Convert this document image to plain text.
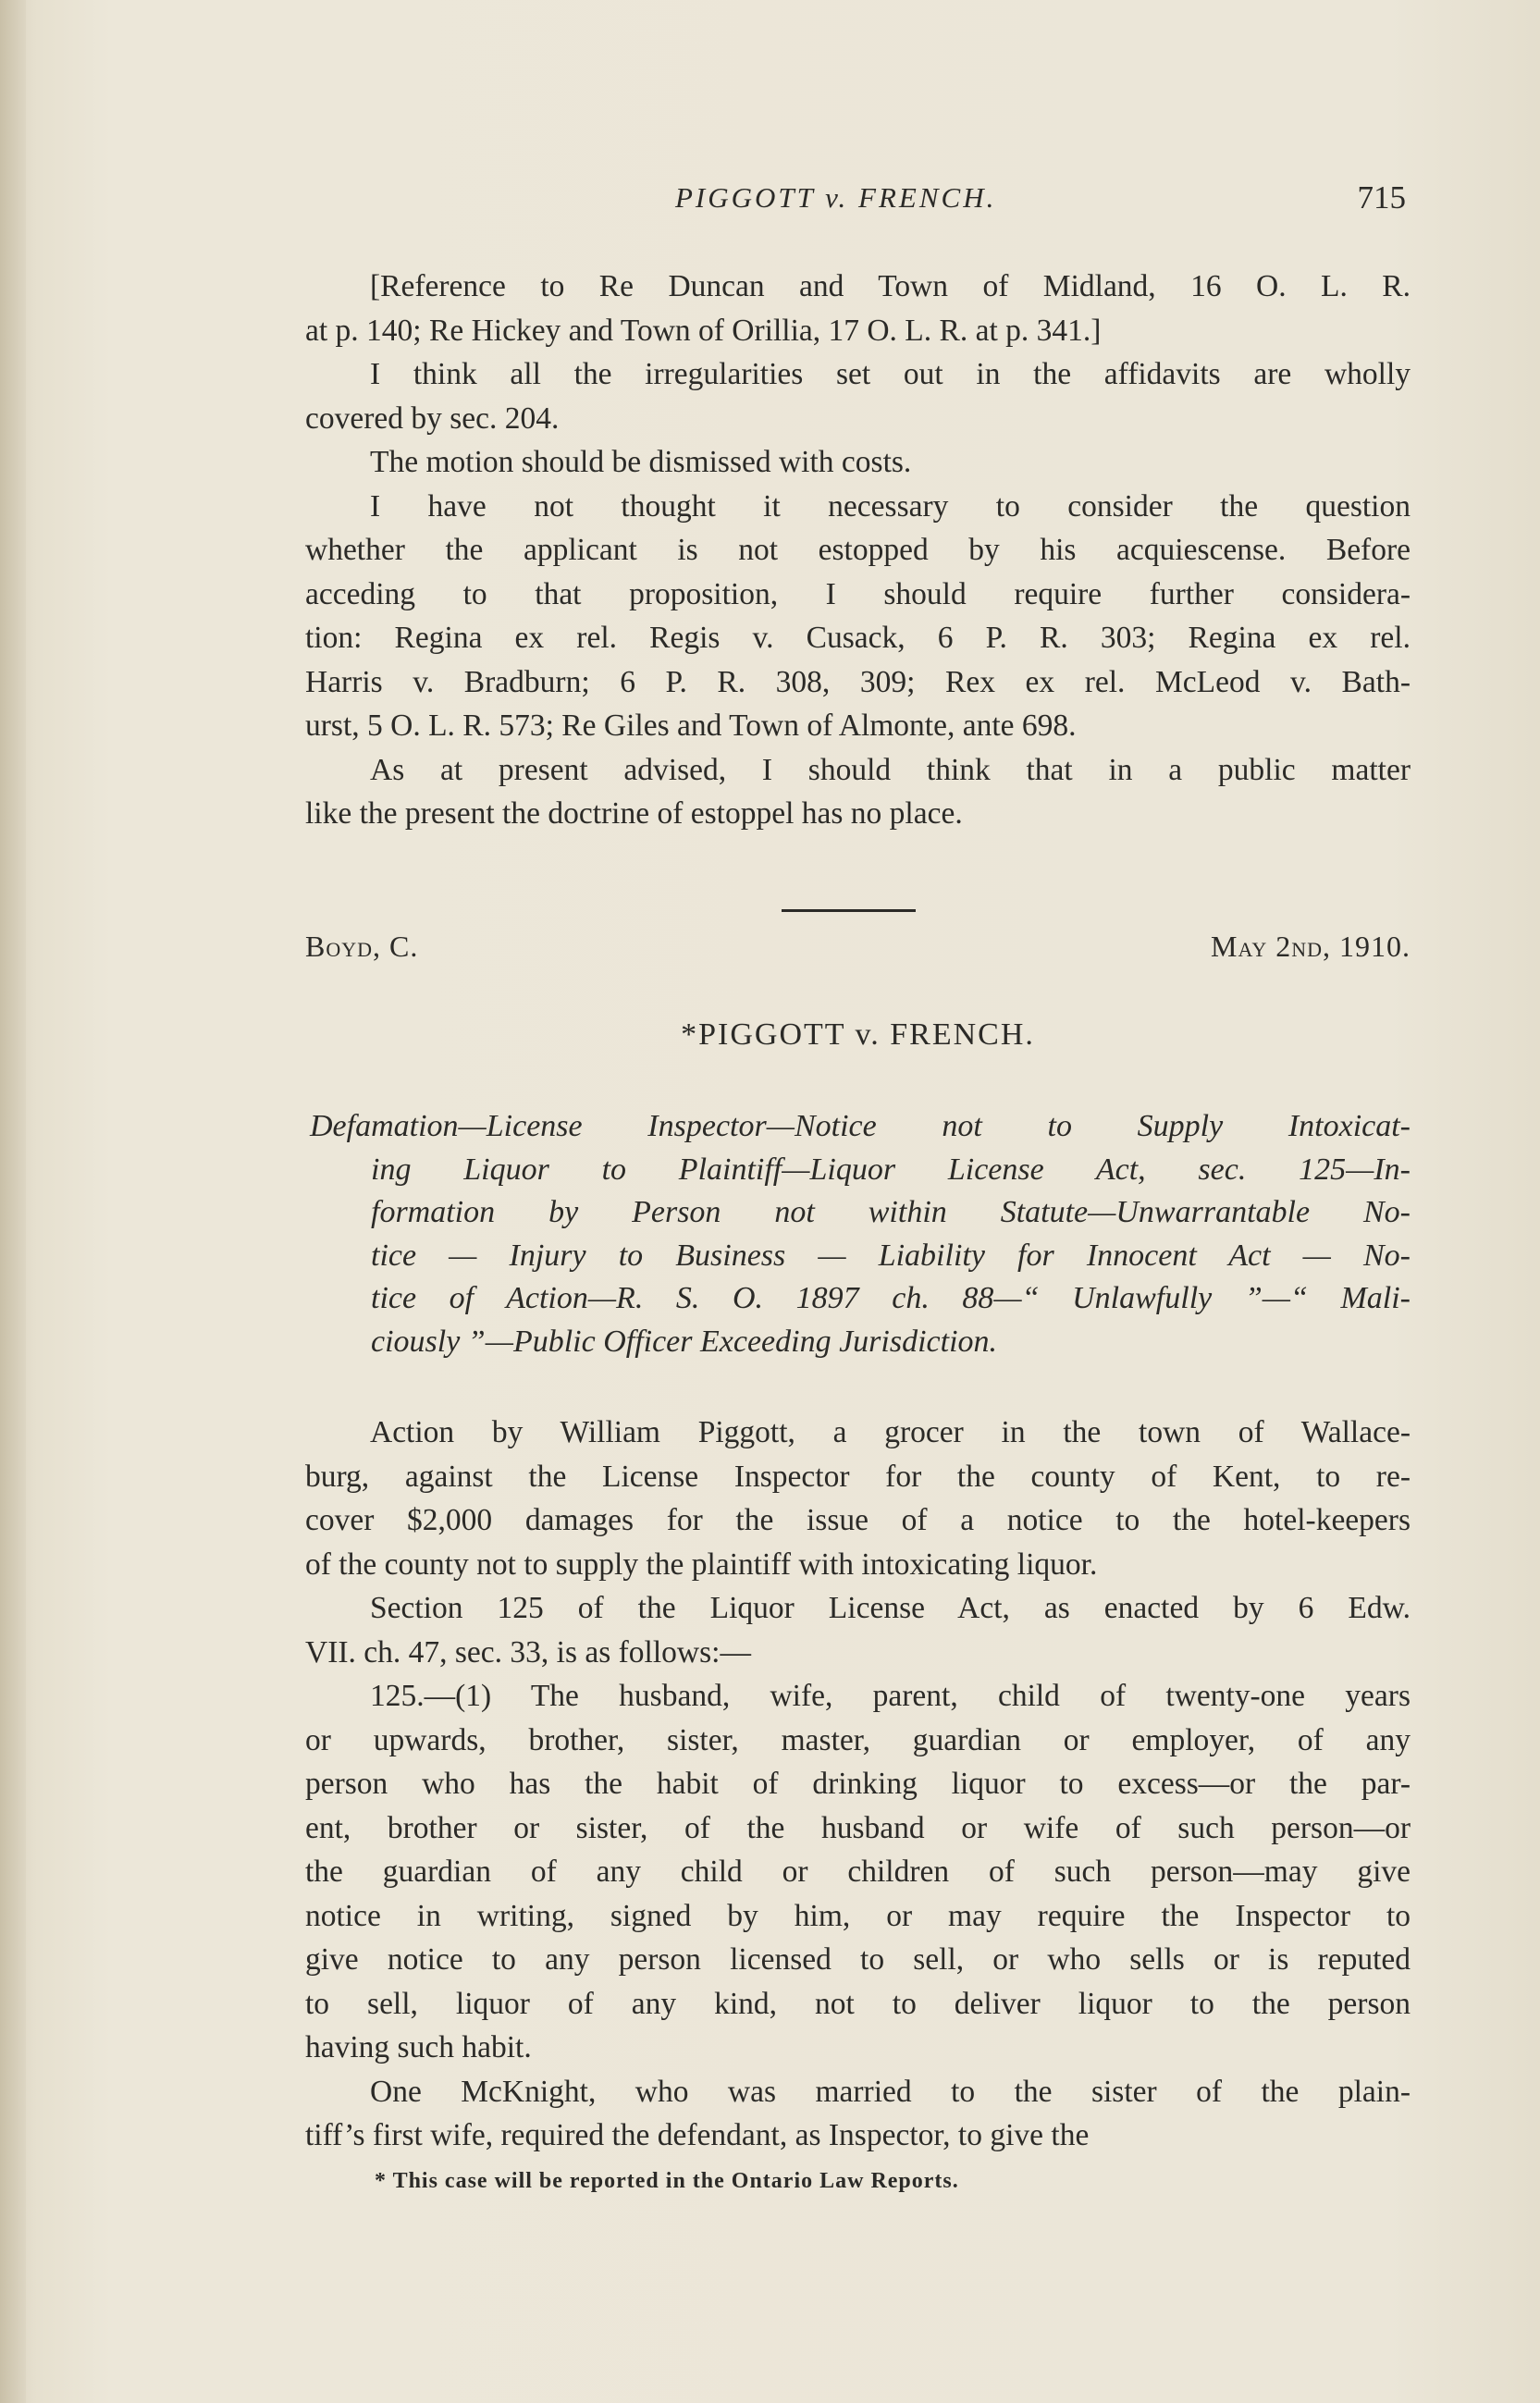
PIGGOTT v. FRENCH.	715
[Reference to Re Duncan and Town of Midland, 16 O. L. R.
at p. 140; Re Hickey and Town of Orillia, 17 O. L. R. at p. 341.]
I think all the irregularities set out in the affidavits are wholly
covered by sec. 204.
The motion should be dismissed with costs.
I have not thought it necessary to consider the question
whether the applicant is not estopped by his acquiescense. Before
acceding to that proposition, I should require further considera-
tion: Regina ex rel. Regis v. Cusack, 6 P. R. 303; Regina ex rel.
Harris v. Bradburn; 6 P. R. 308, 309; Rex ex rel. McLeod v. Bath-
urst, 5 O. L. R. 573; Re Giles and Town of Almonte, ante 698.
As at present advised, I should think that in a public matter
like the present the doctrine of estoppel has no place.
Boyd, C.	May 2nd, 1910.
*PIGGOTT v. FRENCH.
Defamation—License Inspector—Notice not to Supply Intoxicat-
ing Liquor to Plaintiff—Liquor License Act, sec. 125—In-
formation by Person not within Statute—Unwarrantable No-
tice — Injury to Business — Liability for Innocent Act — No-
tice of Action—R. S. O. 1897 ch. 88—“ Unlawfully ”—“ Mali-
ciously ”—Public Officer Exceeding Jurisdiction.
Action by William Piggott, a grocer in the town of Wallace-
burg, against the License Inspector for the county of Kent, to re-
cover $2,000 damages for the issue of a notice to the hotel-keepers
of the county not to supply the plaintiff with intoxicating liquor.
Section 125 of the Liquor License Act, as enacted by 6 Edw.
VII. ch. 47, sec. 33, is as follows:—
125.—(1) The husband, wife, parent, child of twenty-one years
or upwards, brother, sister, master, guardian or employer, of any
person who has the habit of drinking liquor to excess—or the par-
ent, brother or sister, of the husband or wife of such person—or
the guardian of any child or children of such person—may give
notice in writing, signed by him, or may require the Inspector to
give notice to any person licensed to sell, or who sells or is reputed
to sell, liquor of any kind, not to deliver liquor to the person
having such habit.
One McKnight, who was married to the sister of the plain-
tiff’s first wife, required the defendant, as Inspector, to give the
* This case will be reported in the Ontario Law Reports.
